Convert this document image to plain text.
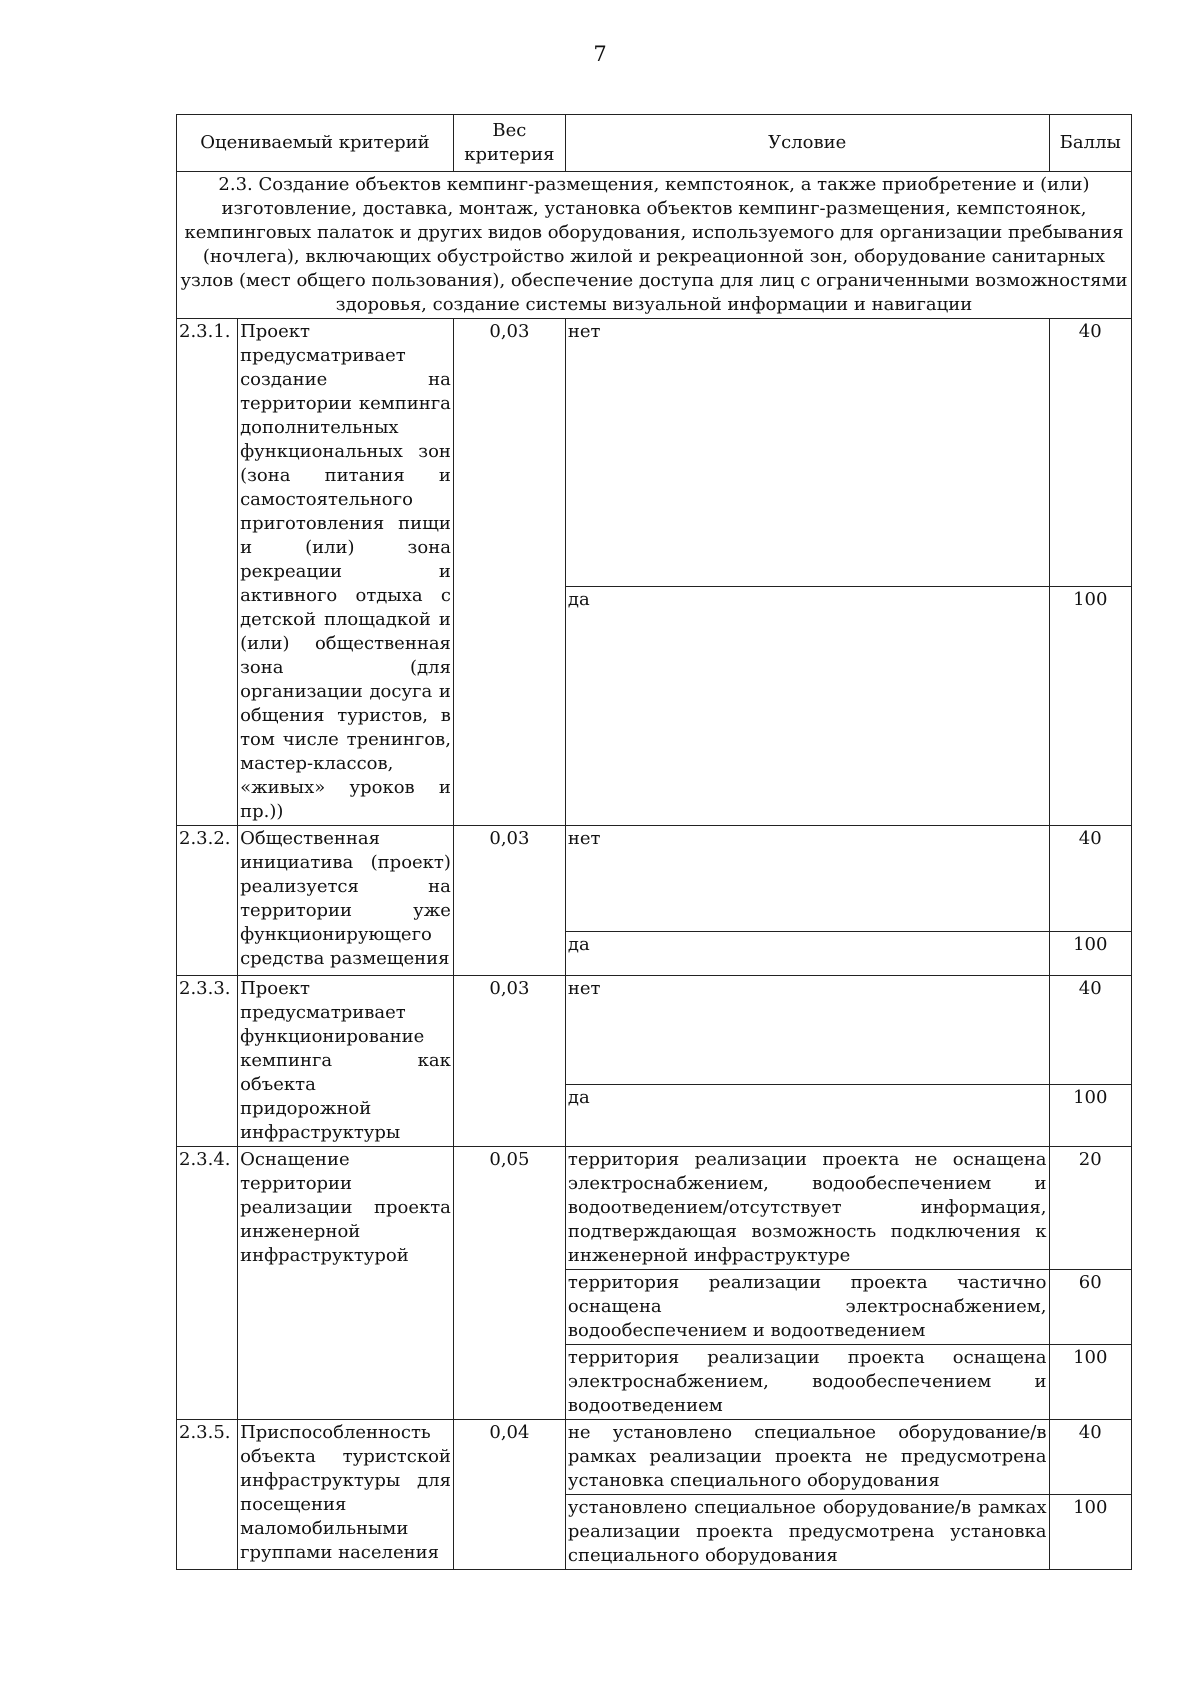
7
Оцениваемый критерий		Вес критерия	Условие	Баллы
2.3. Создание объектов кемпинг-размещения, кемпстоянок, а также приобретение и (или) изготовление, доставка, монтаж, установка объектов кемпинг-размещения, кемпстоянок, кемпинговых палаток и других видов оборудования, используемого для организации пребывания (ночлега), включающих обустройство жилой и рекреационной зон, оборудование санитарных узлов (мест общего пользования), обеспечение доступа для лиц с ограниченными возможностями здоровья, создание системы визуальной информации и навигации				
2.3.1.	Проект предусматривает создание на территории кемпинга дополнительных функциональных зон (зона питания и самостоятельного приготовления пищи и (или) зона рекреации и активного отдыха с детской площадкой и (или) общественная зона (для организации досуга и общения туристов, в том числе тренингов, мастер-классов, «живых» уроков и пр.))	0,03	нет	40
			да	100
2.3.2.	Общественная инициатива (проект) реализуется на территории уже функционирующего средства размещения	0,03	нет	40
			да	100
2.3.3.	Проект предусматривает функционирование кемпинга как объекта придорожной инфраструктуры	0,03	нет	40
			да	100
2.3.4.	Оснащение территории реализации проекта инженерной инфраструктурой	0,05	территория реализации проекта не оснащена электроснабжением, водообеспечением и водоотведением/отсутствует информация, подтверждающая возможность подключения к инженерной инфраструктуре	20
			территория реализации проекта частично оснащена электроснабжением, водообеспечением и водоотведением	60
			территория реализации проекта оснащена электроснабжением, водообеспечением и водоотведением	100
2.3.5.	Приспособленность объекта туристской инфраструктуры для посещения маломобильными группами населения	0,04	не установлено специальное оборудование/в рамках реализации проекта не предусмотрена установка специального оборудования	40
			установлено специальное оборудование/в рамках реализации проекта предусмотрена установка специального оборудования	100
